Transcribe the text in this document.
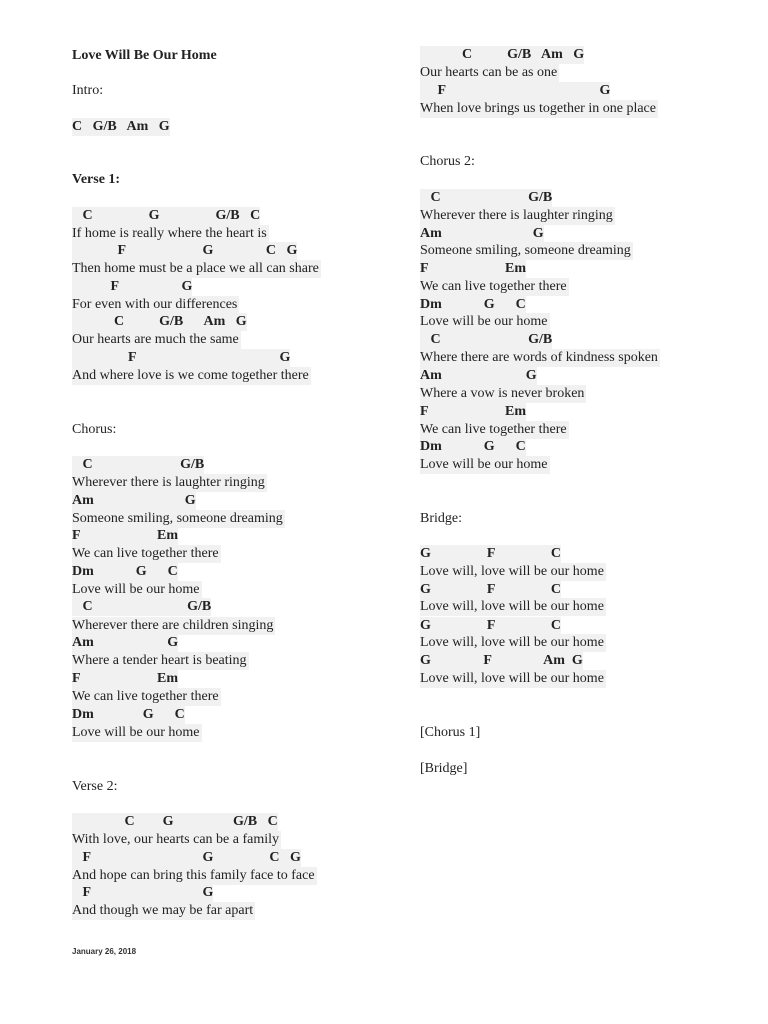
Love Will Be Our Home
Intro:
C   G/B   Am   G
Verse 1:
C                G                G/B   C
If home is really where the heart is
F                      G               C   G
Then home must be a place we all can share
F                  G
For even with our differences
C          G/B      Am   G
Our hearts are much the same
F                                         G
And where love is we come together there
Chorus:
C                         G/B
Wherever there is laughter ringing
Am                          G
Someone smiling, someone dreaming
F                      Em
We can live together there
Dm            G      C
Love will be our home
C                           G/B
Wherever there are children singing
Am                     G
Where a tender heart is beating
F                      Em
We can live together there
Dm              G      C
Love will be our home
Verse 2:
C        G                 G/B   C
With love, our hearts can be a family
F                                G                C   G
And hope can bring this family face to face
F                                G
And though we may be far apart
C          G/B   Am   G
Our hearts can be as one
F                                            G
When love brings us together in one place
Chorus 2:
C                         G/B
Wherever there is laughter ringing
Am                          G
Someone smiling, someone dreaming
F                      Em
We can live together there
Dm            G      C
Love will be our home
C                         G/B
Where there are words of kindness spoken
Am                        G
Where a vow is never broken
F                      Em
We can live together there
Dm            G      C
Love will be our home
Bridge:
G                F                C
Love will, love will be our home
G                F                C
Love will, love will be our home
G                F                C
Love will, love will be our home
G               F               Am  G
Love will, love will be our home
[Chorus 1]
[Bridge]
January 26, 2018
